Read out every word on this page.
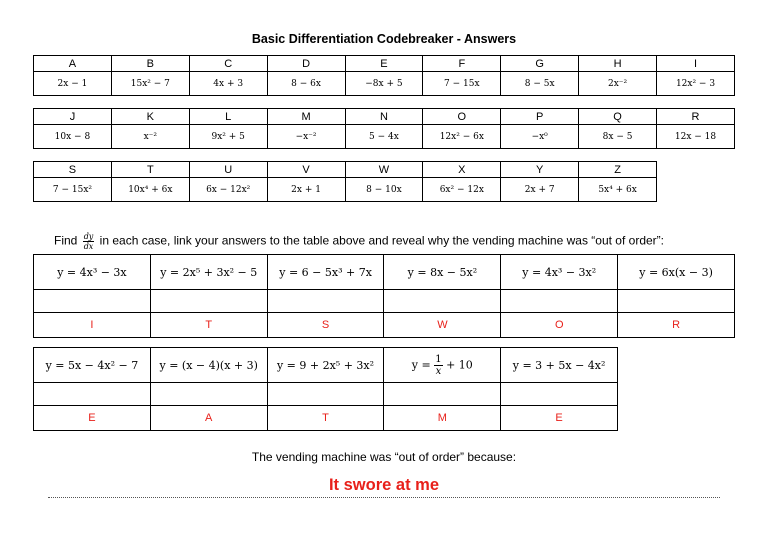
Basic Differentiation Codebreaker - Answers
A	B	C	D	E	F	G	H	I
2x − 1	15x² − 7	4x + 3	8 − 6x	−8x + 5	7 − 15x	8 − 5x	2x⁻²	12x² − 3
J	K	L	M	N	O	P	Q	R
10x − 8	x⁻²	9x² + 5	−x⁻²	5 − 4x	12x² − 6x	−x⁰	8x − 5	12x − 18
S	T	U	V	W	X	Y	Z
7 − 15x²	10x⁴ + 6x	6x − 12x²	2x + 1	8 − 10x	6x² − 12x	2x + 7	5x⁴ + 6x
Find $\frac{dy}{dx}$ in each case, link your answers to the table above and reveal why the vending machine was “out of order”:
y = 4x³ − 3x	y = 2x⁵ + 3x² − 5	y = 6 − 5x³ + 7x	y = 8x − 5x²	y = 4x³ − 3x²	y = 6x(x − 3)

I	T	S	W	O	R
y = 5x − 4x² − 7	y = (x − 4)(x + 3)	y = 9 + 2x⁵ + 3x²	$y = \frac{1}{x} + 10$	y = 3 + 5x − 4x²

E	A	T	M	E
The vending machine was “out of order” because:
It swore at me
